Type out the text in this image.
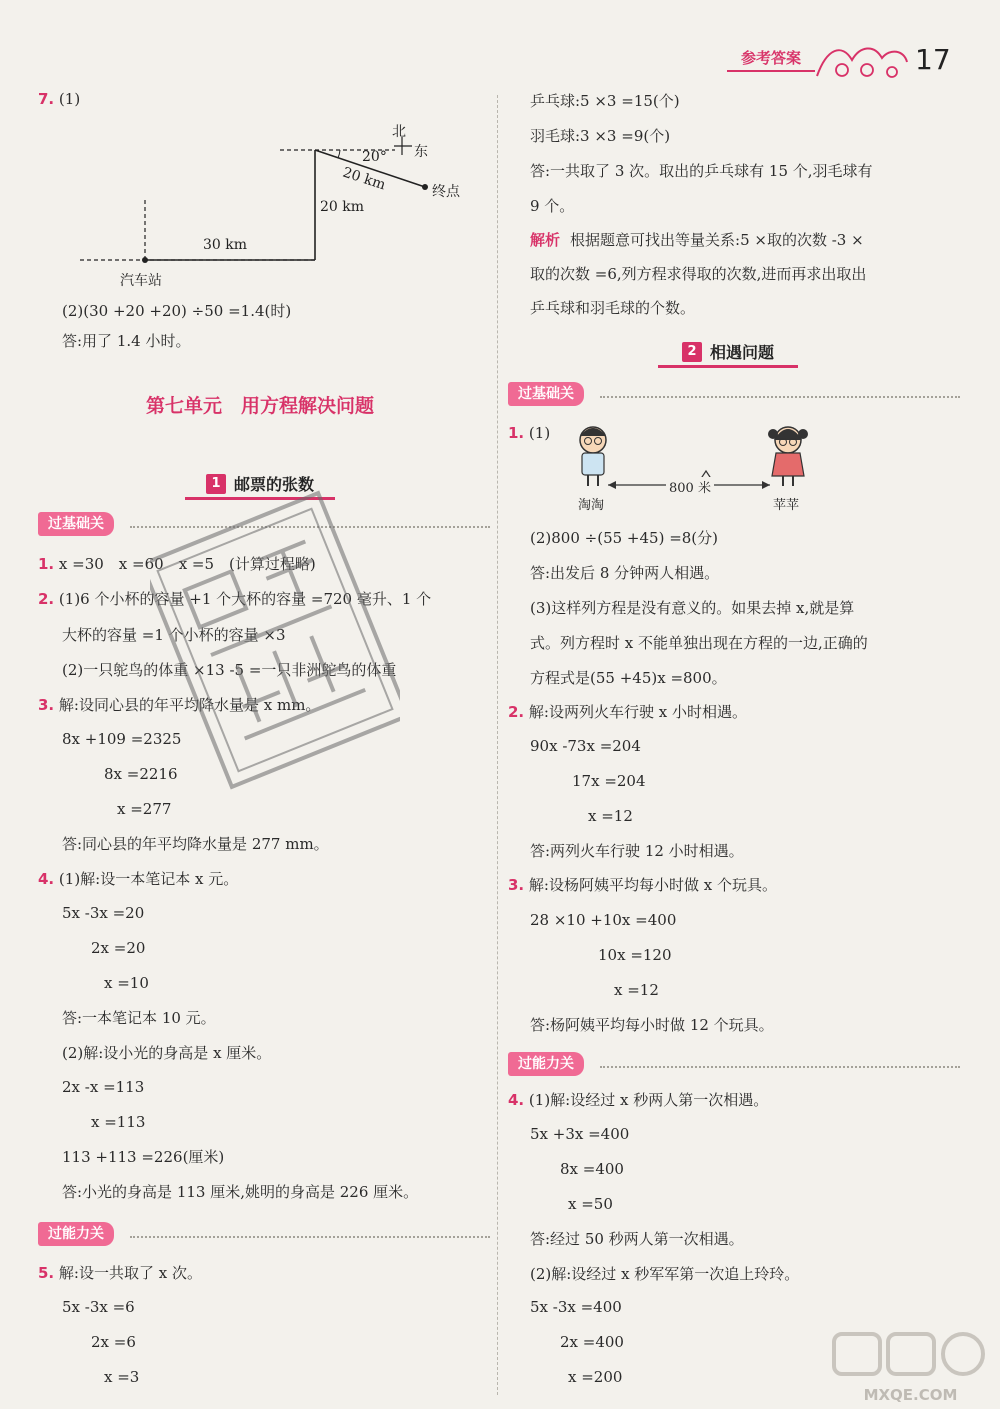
参考答案	17
7. (1)
北
东
20°
20 km
20 km
30 km
终点
汽车站
(2)(30 +20 +20) ÷50 =1.4(时)
答:用了 1.4 小时。
第七单元　用方程解决问题
1 邮票的张数
过基础关
1. x =30　x =60　x =5　(计算过程略)
2. (1)6 个小杯的容量 +1 个大杯的容量 =720 毫升、1 个
大杯的容量 =1 个小杯的容量 ×3
(2)一只鸵鸟的体重 ×13 -5 =一只非洲鸵鸟的体重
3. 解:设同心县的年平均降水量是 x mm。
8x +109 =2325
8x =2216
x =277
答:同心县的年平均降水量是 277 mm。
4. (1)解:设一本笔记本 x 元。
5x -3x =20
2x =20
x =10
答:一本笔记本 10 元。
(2)解:设小光的身高是 x 厘米。
2x -x =113
x =113
113 +113 =226(厘米)
答:小光的身高是 113 厘米,姚明的身高是 226 厘米。
过能力关
5. 解:设一共取了 x 次。
5x -3x =6
2x =6
x =3
乒乓球:5 ×3 =15(个)
羽毛球:3 ×3 =9(个)
答:一共取了 3 次。取出的乒乓球有 15 个,羽毛球有
9 个。
解析 根据题意可找出等量关系:5 ×取的次数 -3 ×
取的次数 =6,列方程求得取的次数,进而再求出取出
乒乓球和羽毛球的个数。
2 相遇问题
过基础关
1. (1)
800 米
淘淘	苹苹
(2)800 ÷(55 +45) =8(分)
答:出发后 8 分钟两人相遇。
(3)这样列方程是没有意义的。如果去掉 x,就是算
式。列方程时 x 不能单独出现在方程的一边,正确的
方程式是(55 +45)x =800。
2. 解:设两列火车行驶 x 小时相遇。
90x -73x =204
17x =204
x =12
答:两列火车行驶 12 小时相遇。
3. 解:设杨阿姨平均每小时做 x 个玩具。
28 ×10 +10x =400
10x =120
x =12
答:杨阿姨平均每小时做 12 个玩具。
过能力关
4. (1)解:设经过 x 秒两人第一次相遇。
5x +3x =400
8x =400
x =50
答:经过 50 秒两人第一次相遇。
(2)解:设经过 x 秒军军第一次追上玲玲。
5x -3x =400
2x =400
x =200
MXQE.COM
